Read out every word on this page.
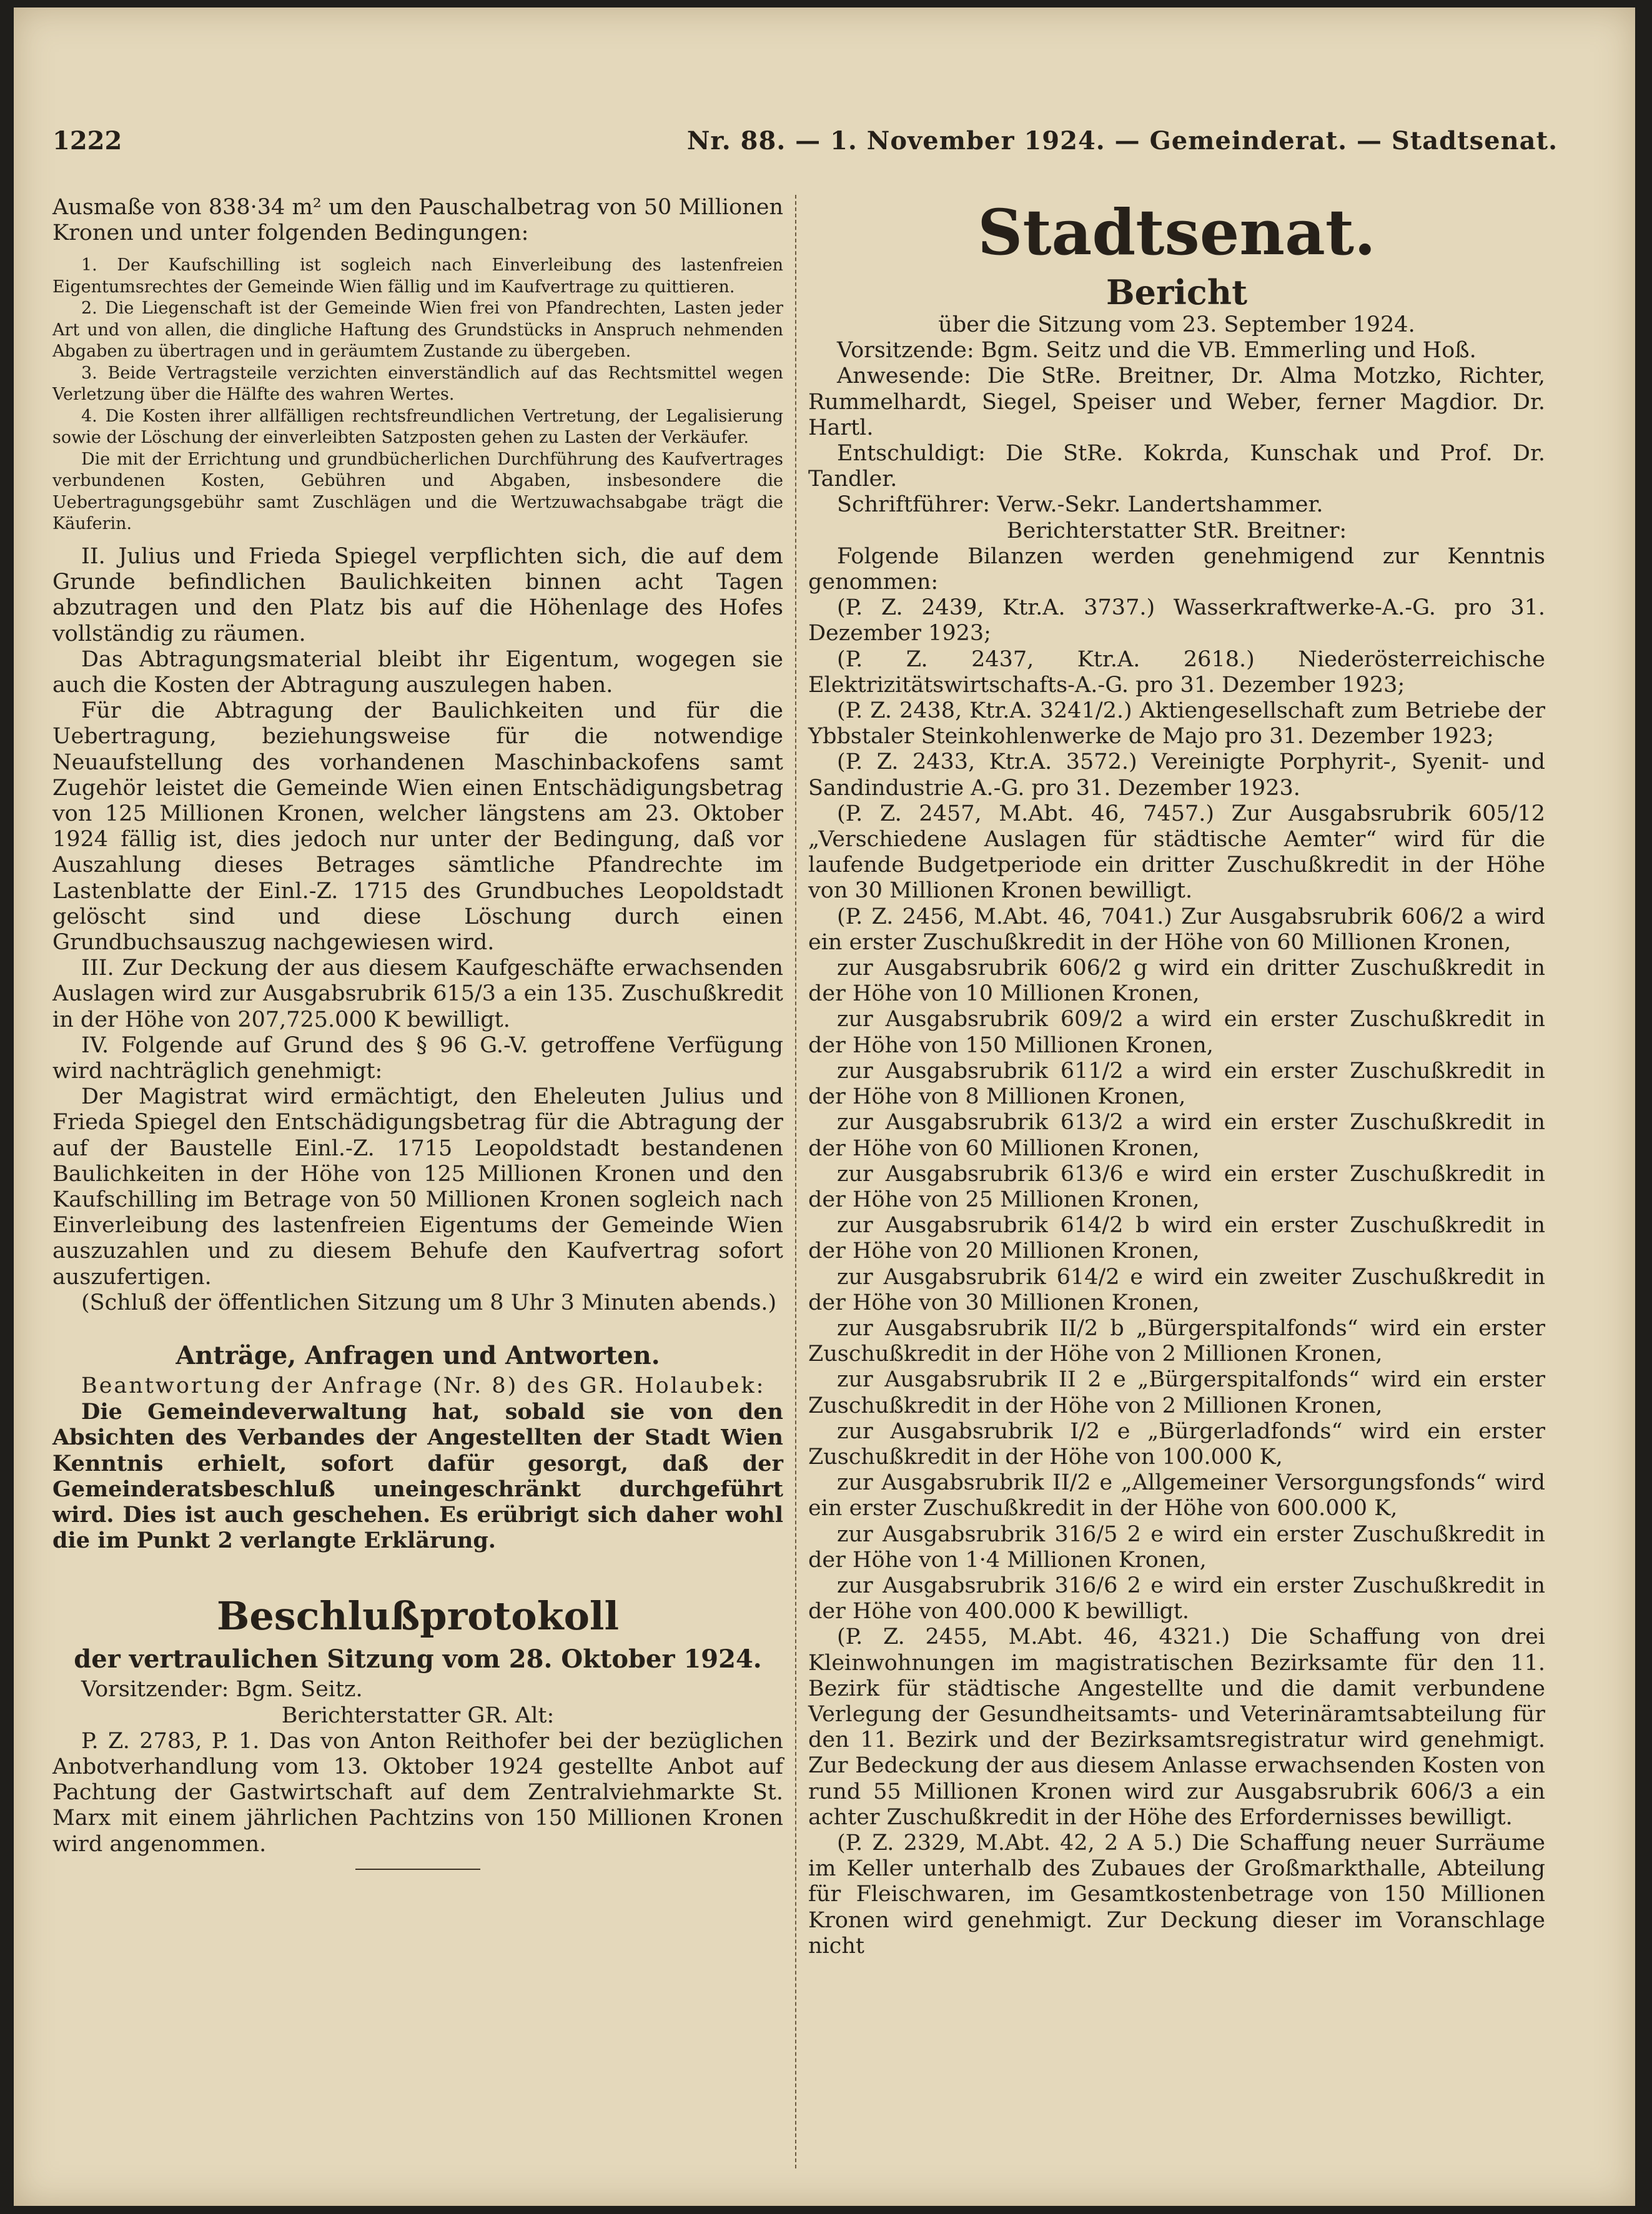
1222	Nr. 88. — 1. November 1924. — Gemeinderat. — Stadtsenat.

Ausmaße von 838·34 m² um den Pauschalbetrag von 50 Millionen Kronen und unter folgenden Bedingungen:

1. Der Kaufschilling ist sogleich nach Einverleibung des lastenfreien Eigentumsrechtes der Gemeinde Wien fällig und im Kaufvertrage zu quittieren.

2. Die Liegenschaft ist der Gemeinde Wien frei von Pfandrechten, Lasten jeder Art und von allen, die dingliche Haftung des Grundstücks in Anspruch nehmenden Abgaben zu übertragen und in geräumtem Zustande zu übergeben.

3. Beide Vertragsteile verzichten einverständlich auf das Rechtsmittel wegen Verletzung über die Hälfte des wahren Wertes.

4. Die Kosten ihrer allfälligen rechtsfreundlichen Vertretung, der Legalisierung sowie der Löschung der einverleibten Satzposten gehen zu Lasten der Verkäufer.

Die mit der Errichtung und grundbücherlichen Durchführung des Kaufvertrages verbundenen Kosten, Gebühren und Abgaben, insbesondere die Uebertragungsgebühr samt Zuschlägen und die Wertzuwachsabgabe trägt die Käuferin.

II. Julius und Frieda Spiegel verpflichten sich, die auf dem Grunde befindlichen Baulichkeiten binnen acht Tagen abzutragen und den Platz bis auf die Höhenlage des Hofes vollständig zu räumen.

Das Abtragungsmaterial bleibt ihr Eigentum, wogegen sie auch die Kosten der Abtragung auszulegen haben.

Für die Abtragung der Baulichkeiten und für die Uebertragung, beziehungsweise für die notwendige Neuaufstellung des vorhandenen Maschinbackofens samt Zugehör leistet die Gemeinde Wien einen Entschädigungsbetrag von 125 Millionen Kronen, welcher längstens am 23. Oktober 1924 fällig ist, dies jedoch nur unter der Bedingung, daß vor Auszahlung dieses Betrages sämtliche Pfandrechte im Lastenblatte der Einl.-Z. 1715 des Grundbuches Leopoldstadt gelöscht sind und diese Löschung durch einen Grundbuchsauszug nachgewiesen wird.

III. Zur Deckung der aus diesem Kaufgeschäfte erwachsenden Auslagen wird zur Ausgabsrubrik 615/3 a ein 135. Zuschußkredit in der Höhe von 207,725.000 K bewilligt.

IV. Folgende auf Grund des § 96 G.-V. getroffene Verfügung wird nachträglich genehmigt:

Der Magistrat wird ermächtigt, den Eheleuten Julius und Frieda Spiegel den Entschädigungsbetrag für die Abtragung der auf der Baustelle Einl.-Z. 1715 Leopoldstadt bestandenen Baulichkeiten in der Höhe von 125 Millionen Kronen und den Kaufschilling im Betrage von 50 Millionen Kronen sogleich nach Einverleibung des lastenfreien Eigentums der Gemeinde Wien auszuzahlen und zu diesem Behufe den Kaufvertrag sofort auszufertigen.

(Schluß der öffentlichen Sitzung um 8 Uhr 3 Minuten abends.)

Anträge, Anfragen und Antworten.

Beantwortung der Anfrage (Nr. 8) des GR. Holaubek:

Die Gemeindeverwaltung hat, sobald sie von den Absichten des Verbandes der Angestellten der Stadt Wien Kenntnis erhielt, sofort dafür gesorgt, daß der Gemeinderatsbeschluß uneingeschränkt durchgeführt wird. Dies ist auch geschehen. Es erübrigt sich daher wohl die im Punkt 2 verlangte Erklärung.

Beschlußprotokoll
der vertraulichen Sitzung vom 28. Oktober 1924.

Vorsitzender: Bgm. Seitz.

Berichterstatter GR. Alt:

P. Z. 2783, P. 1. Das von Anton Reithofer bei der bezüglichen Anbotverhandlung vom 13. Oktober 1924 gestellte Anbot auf Pachtung der Gastwirtschaft auf dem Zentralviehmarkte St. Marx mit einem jährlichen Pachtzins von 150 Millionen Kronen wird angenommen.

Stadtsenat.
Bericht

über die Sitzung vom 23. September 1924.

Vorsitzende: Bgm. Seitz und die VB. Emmerling und Hoß.

Anwesende: Die StRe. Breitner, Dr. Alma Motzko, Richter, Rummelhardt, Siegel, Speiser und Weber, ferner Magdior. Dr. Hartl.

Entschuldigt: Die StRe. Kokrda, Kunschak und Prof. Dr. Tandler.

Schriftführer: Verw.-Sekr. Landertshammer.

Berichterstatter StR. Breitner:

Folgende Bilanzen werden genehmigend zur Kenntnis genommen:

(P. Z. 2439, Ktr.A. 3737.) Wasserkraftwerke-A.-G. pro 31. Dezember 1923;

(P. Z. 2437, Ktr.A. 2618.) Niederösterreichische Elektrizitätswirtschafts-A.-G. pro 31. Dezember 1923;

(P. Z. 2438, Ktr.A. 3241/2.) Aktiengesellschaft zum Betriebe der Ybbstaler Steinkohlenwerke de Majo pro 31. Dezember 1923;

(P. Z. 2433, Ktr.A. 3572.) Vereinigte Porphyrit-, Syenit- und Sandindustrie A.-G. pro 31. Dezember 1923.

(P. Z. 2457, M.Abt. 46, 7457.) Zur Ausgabsrubrik 605/12 „Verschiedene Auslagen für städtische Aemter“ wird für die laufende Budgetperiode ein dritter Zuschußkredit in der Höhe von 30 Millionen Kronen bewilligt.

(P. Z. 2456, M.Abt. 46, 7041.) Zur Ausgabsrubrik 606/2 a wird ein erster Zuschußkredit in der Höhe von 60 Millionen Kronen,

zur Ausgabsrubrik 606/2 g wird ein dritter Zuschußkredit in der Höhe von 10 Millionen Kronen,

zur Ausgabsrubrik 609/2 a wird ein erster Zuschußkredit in der Höhe von 150 Millionen Kronen,

zur Ausgabsrubrik 611/2 a wird ein erster Zuschußkredit in der Höhe von 8 Millionen Kronen,

zur Ausgabsrubrik 613/2 a wird ein erster Zuschußkredit in der Höhe von 60 Millionen Kronen,

zur Ausgabsrubrik 613/6 e wird ein erster Zuschußkredit in der Höhe von 25 Millionen Kronen,

zur Ausgabsrubrik 614/2 b wird ein erster Zuschußkredit in der Höhe von 20 Millionen Kronen,

zur Ausgabsrubrik 614/2 e wird ein zweiter Zuschußkredit in der Höhe von 30 Millionen Kronen,

zur Ausgabsrubrik II/2 b „Bürgerspitalfonds“ wird ein erster Zuschußkredit in der Höhe von 2 Millionen Kronen,

zur Ausgabsrubrik II 2 e „Bürgerspitalfonds“ wird ein erster Zuschußkredit in der Höhe von 2 Millionen Kronen,

zur Ausgabsrubrik I/2 e „Bürgerladfonds“ wird ein erster Zuschußkredit in der Höhe von 100.000 K,

zur Ausgabsrubrik II/2 e „Allgemeiner Versorgungsfonds“ wird ein erster Zuschußkredit in der Höhe von 600.000 K,

zur Ausgabsrubrik 316/5 2 e wird ein erster Zuschußkredit in der Höhe von 1·4 Millionen Kronen,

zur Ausgabsrubrik 316/6 2 e wird ein erster Zuschußkredit in der Höhe von 400.000 K bewilligt.

(P. Z. 2455, M.Abt. 46, 4321.) Die Schaffung von drei Kleinwohnungen im magistratischen Bezirksamte für den 11. Bezirk für städtische Angestellte und die damit verbundene Verlegung der Gesundheitsamts- und Veterinäramtsabteilung für den 11. Bezirk und der Bezirksamtsregistratur wird genehmigt. Zur Bedeckung der aus diesem Anlasse erwachsenden Kosten von rund 55 Millionen Kronen wird zur Ausgabsrubrik 606/3 a ein achter Zuschußkredit in der Höhe des Erfordernisses bewilligt.

(P. Z. 2329, M.Abt. 42, 2 A 5.) Die Schaffung neuer Surräume im Keller unterhalb des Zubaues der Großmarkthalle, Abteilung für Fleischwaren, im Gesamtkostenbetrage von 150 Millionen Kronen wird genehmigt. Zur Deckung dieser im Voranschlage nicht
